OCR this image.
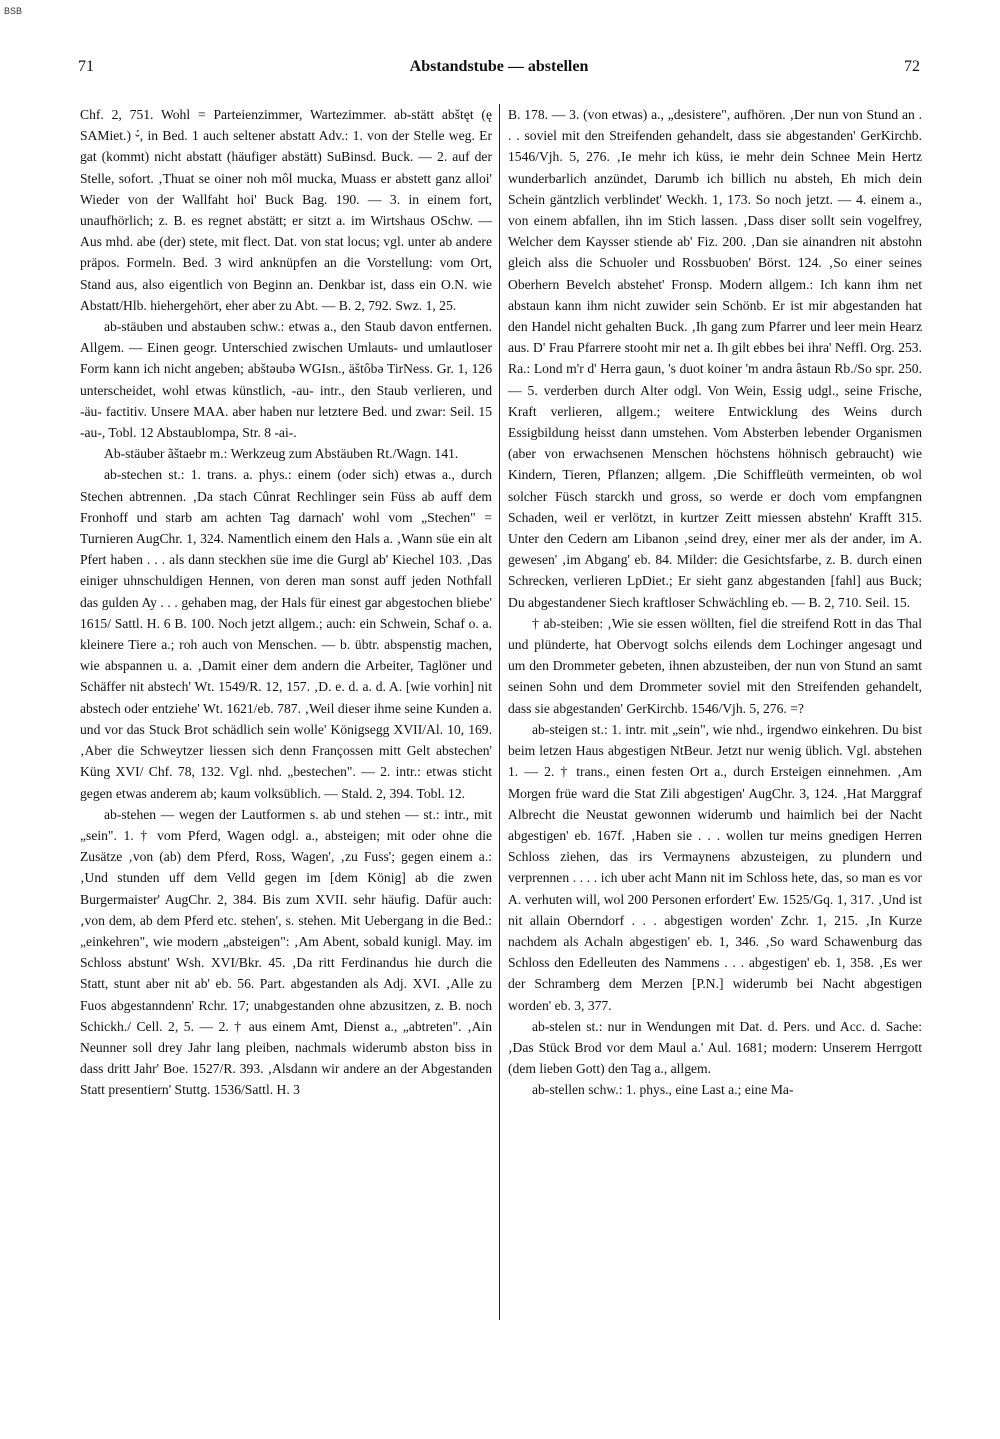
BSB
71	Abstandstube — abstellen	72

Chf. 2, 751. Wohl = Parteienzimmer, Wartezimmer. ab-stätt abštęt (ę SAMiet.) ⏑́, in Bed. 1 auch seltener abstatt Adv.: 1. von der Stelle weg. Er gat (kommt) nicht abstatt (häufiger abstätt) SuBinsd. Buck. — 2. auf der Stelle, sofort. ‚Thuat se oiner noh môl mucka, Muass er abstett ganz alloi' Wieder von der Wallfaht hoi' Buck Bag. 190. — 3. in einem fort, unaufhörlich; z. B. es regnet abstätt; er sitzt a. im Wirtshaus OSchw. — Aus mhd. abe (der) stete, mit flect. Dat. von stat locus; vgl. unter ab andere präpos. Formeln. Bed. 3 wird anknüpfen an die Vorstellung: vom Ort, Stand aus, also eigentlich von Beginn an. Denkbar ist, dass ein O.N. wie Abstatt/Hlb. hiehergehört, eher aber zu Abt. — B. 2, 792. Swz. 1, 25.

ab-stäuben und abstauben schw.: etwas a., den Staub davon entfernen. Allgem. — Einen geogr. Unterschied zwischen Umlauts- und umlautloser Form kann ich nicht angeben; abštəubə WGIsn., äštôbə TirNess. Gr. 1, 126 unterscheidet, wohl etwas künstlich, -au- intr., den Staub verlieren, und -äu- factitiv. Unsere MAA. aber haben nur letztere Bed. und zwar: Seil. 15 -au-, Tobl. 12 Abstaublompa, Str. 8 -ai-.

Ab-stäuber ãštaebr m.: Werkzeug zum Abstäuben Rt./Wagn. 141.

ab-stechen st.: 1. trans. a. phys.: einem (oder sich) etwas a., durch Stechen abtrennen. ‚Da stach Cûnrat Rechlinger sein Füss ab auff dem Fronhoff und starb am achten Tag darnach' wohl vom „Stechen" = Turnieren AugChr. 1, 324. Namentlich einem den Hals a. ‚Wann süe ein alt Pfert haben . . . als dann steckhen süe ime die Gurgl ab' Kiechel 103. ‚Das einiger uhnschuldigen Hennen, von deren man sonst auff jeden Nothfall das gulden Ay . . . gehaben mag, der Hals für einest gar abgestochen bliebe' 1615/ Sattl. H. 6 B. 100. Noch jetzt allgem.; auch: ein Schwein, Schaf o. a. kleinere Tiere a.; roh auch von Menschen. — b. übtr. abspenstig machen, wie abspannen u. a. ‚Damit einer dem andern die Arbeiter, Taglöner und Schäffer nit abstech' Wt. 1549/R. 12, 157. ‚D. e. d. a. d. A. [wie vorhin] nit abstech oder entziehe' Wt. 1621/eb. 787. ‚Weil dieser ihme seine Kunden a. und vor das Stuck Brot schädlich sein wolle' Königsegg XVII/Al. 10, 169. ‚Aber die Schweytzer liessen sich denn Françossen mitt Gelt abstechen' Küng XVI/ Chf. 78, 132. Vgl. nhd. „bestechen". — 2. intr.: etwas sticht gegen etwas anderem ab; kaum volksüblich. — Stald. 2, 394. Tobl. 12.

ab-stehen — wegen der Lautformen s. ab und stehen — st.: intr., mit „sein". 1. † vom Pferd, Wagen odgl. a., absteigen; mit oder ohne die Zusätze ‚von (ab) dem Pferd, Ross, Wagen', ‚zu Fuss'; gegen einem a.: ‚Und stunden uff dem Velld gegen im [dem König] ab die zwen Burgermaister' AugChr. 2, 384. Bis zum XVII. sehr häufig. Dafür auch: ‚von dem, ab dem Pferd etc. stehen', s. stehen. Mit Uebergang in die Bed.: „einkehren", wie modern „absteigen": ‚Am Abent, sobald kunigl. May. im Schloss abstunt' Wsh. XVI/Bkr. 45. ‚Da ritt Ferdinandus hie durch die Statt, stunt aber nit ab' eb. 56. Part. abgestanden als Adj. XVI. ‚Alle zu Fuos abgestanndenn' Rchr. 17; unabgestanden ohne abzusitzen, z. B. noch Schickh./ Cell. 2, 5. — 2. † aus einem Amt, Dienst a., „abtreten". ‚Ain Neunner soll drey Jahr lang pleiben, nachmals widerumb abston biss in dass dritt Jahr' Boe. 1527/R. 393. ‚Alsdann wir andere an der Abgestanden Statt presentiern' Stuttg. 1536/Sattl. H. 3

B. 178. — 3. (von etwas) a., „desistere", aufhören. ‚Der nun von Stund an . . . soviel mit den Streifenden gehandelt, dass sie abgestanden' GerKirchb. 1546/Vjh. 5, 276. ‚Ie mehr ich küss, ie mehr dein Schnee Mein Hertz wunderbarlich anzündet, Darumb ich billich nu absteh, Eh mich dein Schein gäntzlich verblindet' Weckh. 1, 173. So noch jetzt. — 4. einem a., von einem abfallen, ihn im Stich lassen. ‚Dass diser sollt sein vogelfrey, Welcher dem Kaysser stiende ab' Fiz. 200. ‚Dan sie ainandren nit abstohn gleich alss die Schuoler und Rossbuoben' Börst. 124. ‚So einer seines Oberhern Bevelch abstehet' Fronsp. Modern allgem.: Ich kann ihm net abstaun kann ihm nicht zuwider sein Schönb. Er ist mir abgestanden hat den Handel nicht gehalten Buck. ‚Ih gang zum Pfarrer und leer mein Hearz aus. D' Frau Pfarrere stooht mir net a. Ih gilt ebbes bei ihra' Neffl. Org. 253. Ra.: Lond m'r d' Herra gaun, 's duot koiner 'm andra âstaun Rb./So spr. 250. — 5. verderben durch Alter odgl. Von Wein, Essig udgl., seine Frische, Kraft verlieren, allgem.; weitere Entwicklung des Weins durch Essigbildung heisst dann umstehen. Vom Absterben lebender Organismen (aber von erwachsenen Menschen höchstens höhnisch gebraucht) wie Kindern, Tieren, Pflanzen; allgem. ‚Die Schiffleüth vermeinten, ob wol solcher Füsch starckh und gross, so werde er doch vom empfangnen Schaden, weil er verlötzt, in kurtzer Zeitt miessen abstehn' Krafft 315. Unter den Cedern am Libanon ‚seind drey, einer mer als der ander, im A. gewesen' ‚im Abgang' eb. 84. Milder: die Gesichtsfarbe, z. B. durch einen Schrecken, verlieren LpDiet.; Er sieht ganz abgestanden [fahl] aus Buck; Du abgestandener Siech kraftloser Schwächling eb. — B. 2, 710. Seil. 15.

† ab-steiben: ‚Wie sie essen wöllten, fiel die streifend Rott in das Thal und plünderte, hat Obervogt solchs eilends dem Lochinger angesagt und um den Drommeter gebeten, ihnen abzusteiben, der nun von Stund an samt seinen Sohn und dem Drommeter soviel mit den Streifenden gehandelt, dass sie abgestanden' GerKirchb. 1546/Vjh. 5, 276. =?

ab-steigen st.: 1. intr. mit „sein", wie nhd., irgendwo einkehren. Du bist beim letzen Haus abgestigen NtBeur. Jetzt nur wenig üblich. Vgl. abstehen 1. — 2. † trans., einen festen Ort a., durch Ersteigen einnehmen. ‚Am Morgen früe ward die Stat Zili abgestigen' AugChr. 3, 124. ‚Hat Marggraf Albrecht die Neustat gewonnen widerumb und haimlich bei der Nacht abgestigen' eb. 167f. ‚Haben sie . . . wollen tur meins gnedigen Herren Schloss ziehen, das irs Vermaynens abzusteigen, zu plundern und verprennen . . . . ich uber acht Mann nit im Schloss hete, das, so man es vor A. verhuten will, wol 200 Personen erfordert' Ew. 1525/Gq. 1, 317. ‚Und ist nit allain Oberndorf . . . abgestigen worden' Zchr. 1, 215. ‚In Kurze nachdem als Achaln abgestigen' eb. 1, 346. ‚So ward Schawenburg das Schloss den Edelleuten des Nammens . . . abgestigen' eb. 1, 358. ‚Es wer der Schramberg dem Merzen [P.N.] widerumb bei Nacht abgestigen worden' eb. 3, 377.

ab-stelen st.: nur in Wendungen mit Dat. d. Pers. und Acc. d. Sache: ‚Das Stück Brod vor dem Maul a.' Aul. 1681; modern: Unserem Herrgott (dem lieben Gott) den Tag a., allgem.

ab-stellen schw.: 1. phys., eine Last a.; eine Ma-
